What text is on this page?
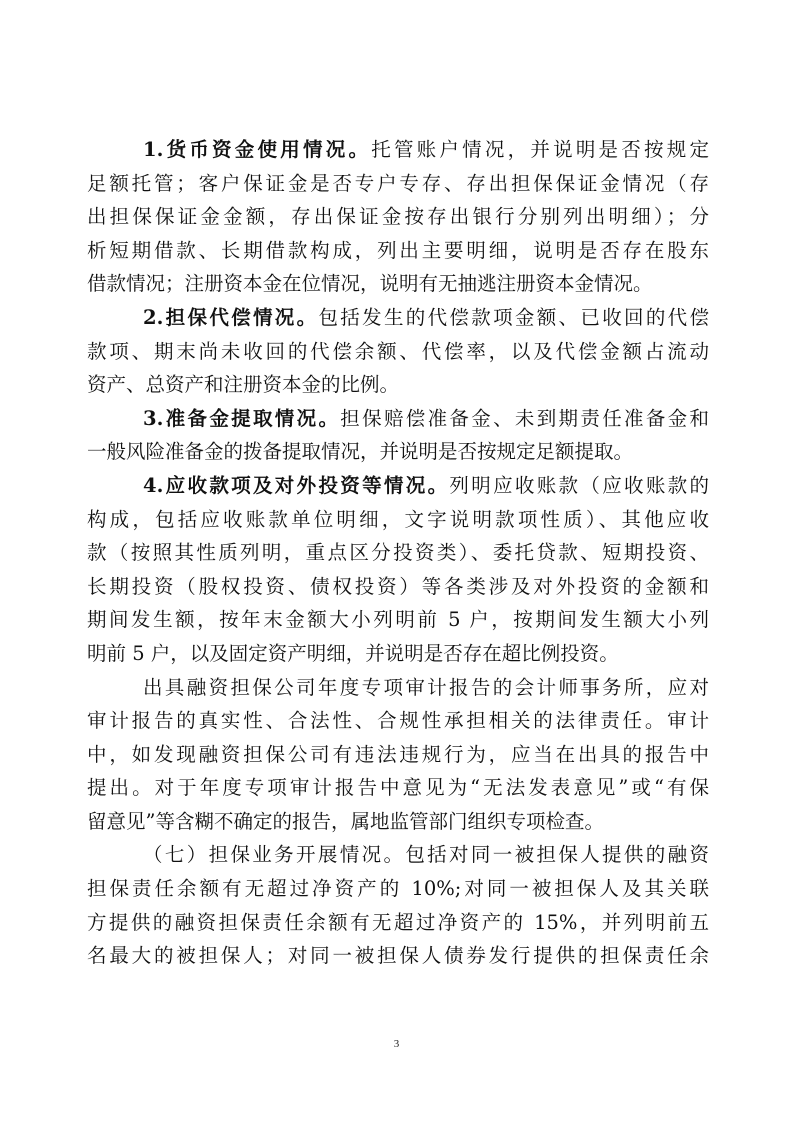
1.货币资金使用情况。托管账户情况，并说明是否按规定
足额托管；客户保证金是否专户专存、存出担保保证金情况（存
出担保保证金金额，存出保证金按存出银行分别列出明细）；分
析短期借款、长期借款构成，列出主要明细，说明是否存在股东
借款情况；注册资本金在位情况，说明有无抽逃注册资本金情况。
2.担保代偿情况。包括发生的代偿款项金额、已收回的代偿
款项、期末尚未收回的代偿余额、代偿率，以及代偿金额占流动
资产、总资产和注册资本金的比例。
3.准备金提取情况。担保赔偿准备金、未到期责任准备金和
一般风险准备金的拨备提取情况，并说明是否按规定足额提取。
4.应收款项及对外投资等情况。列明应收账款（应收账款的
构成，包括应收账款单位明细，文字说明款项性质）、其他应收
款（按照其性质列明，重点区分投资类）、委托贷款、短期投资、
长期投资（股权投资、债权投资）等各类涉及对外投资的金额和
期间发生额，按年末金额大小列明前 5 户，按期间发生额大小列
明前 5 户，以及固定资产明细，并说明是否存在超比例投资。
出具融资担保公司年度专项审计报告的会计师事务所，应对
审计报告的真实性、合法性、合规性承担相关的法律责任。审计
中，如发现融资担保公司有违法违规行为，应当在出具的报告中
提出。对于年度专项审计报告中意见为“无法发表意见”或“有保
留意见”等含糊不确定的报告，属地监管部门组织专项检查。
（七）担保业务开展情况。包括对同一被担保人提供的融资
担保责任余额有无超过净资产的 10%;对同一被担保人及其关联
方提供的融资担保责任余额有无超过净资产的 15%，并列明前五
名最大的被担保人；对同一被担保人债券发行提供的担保责任余
3
